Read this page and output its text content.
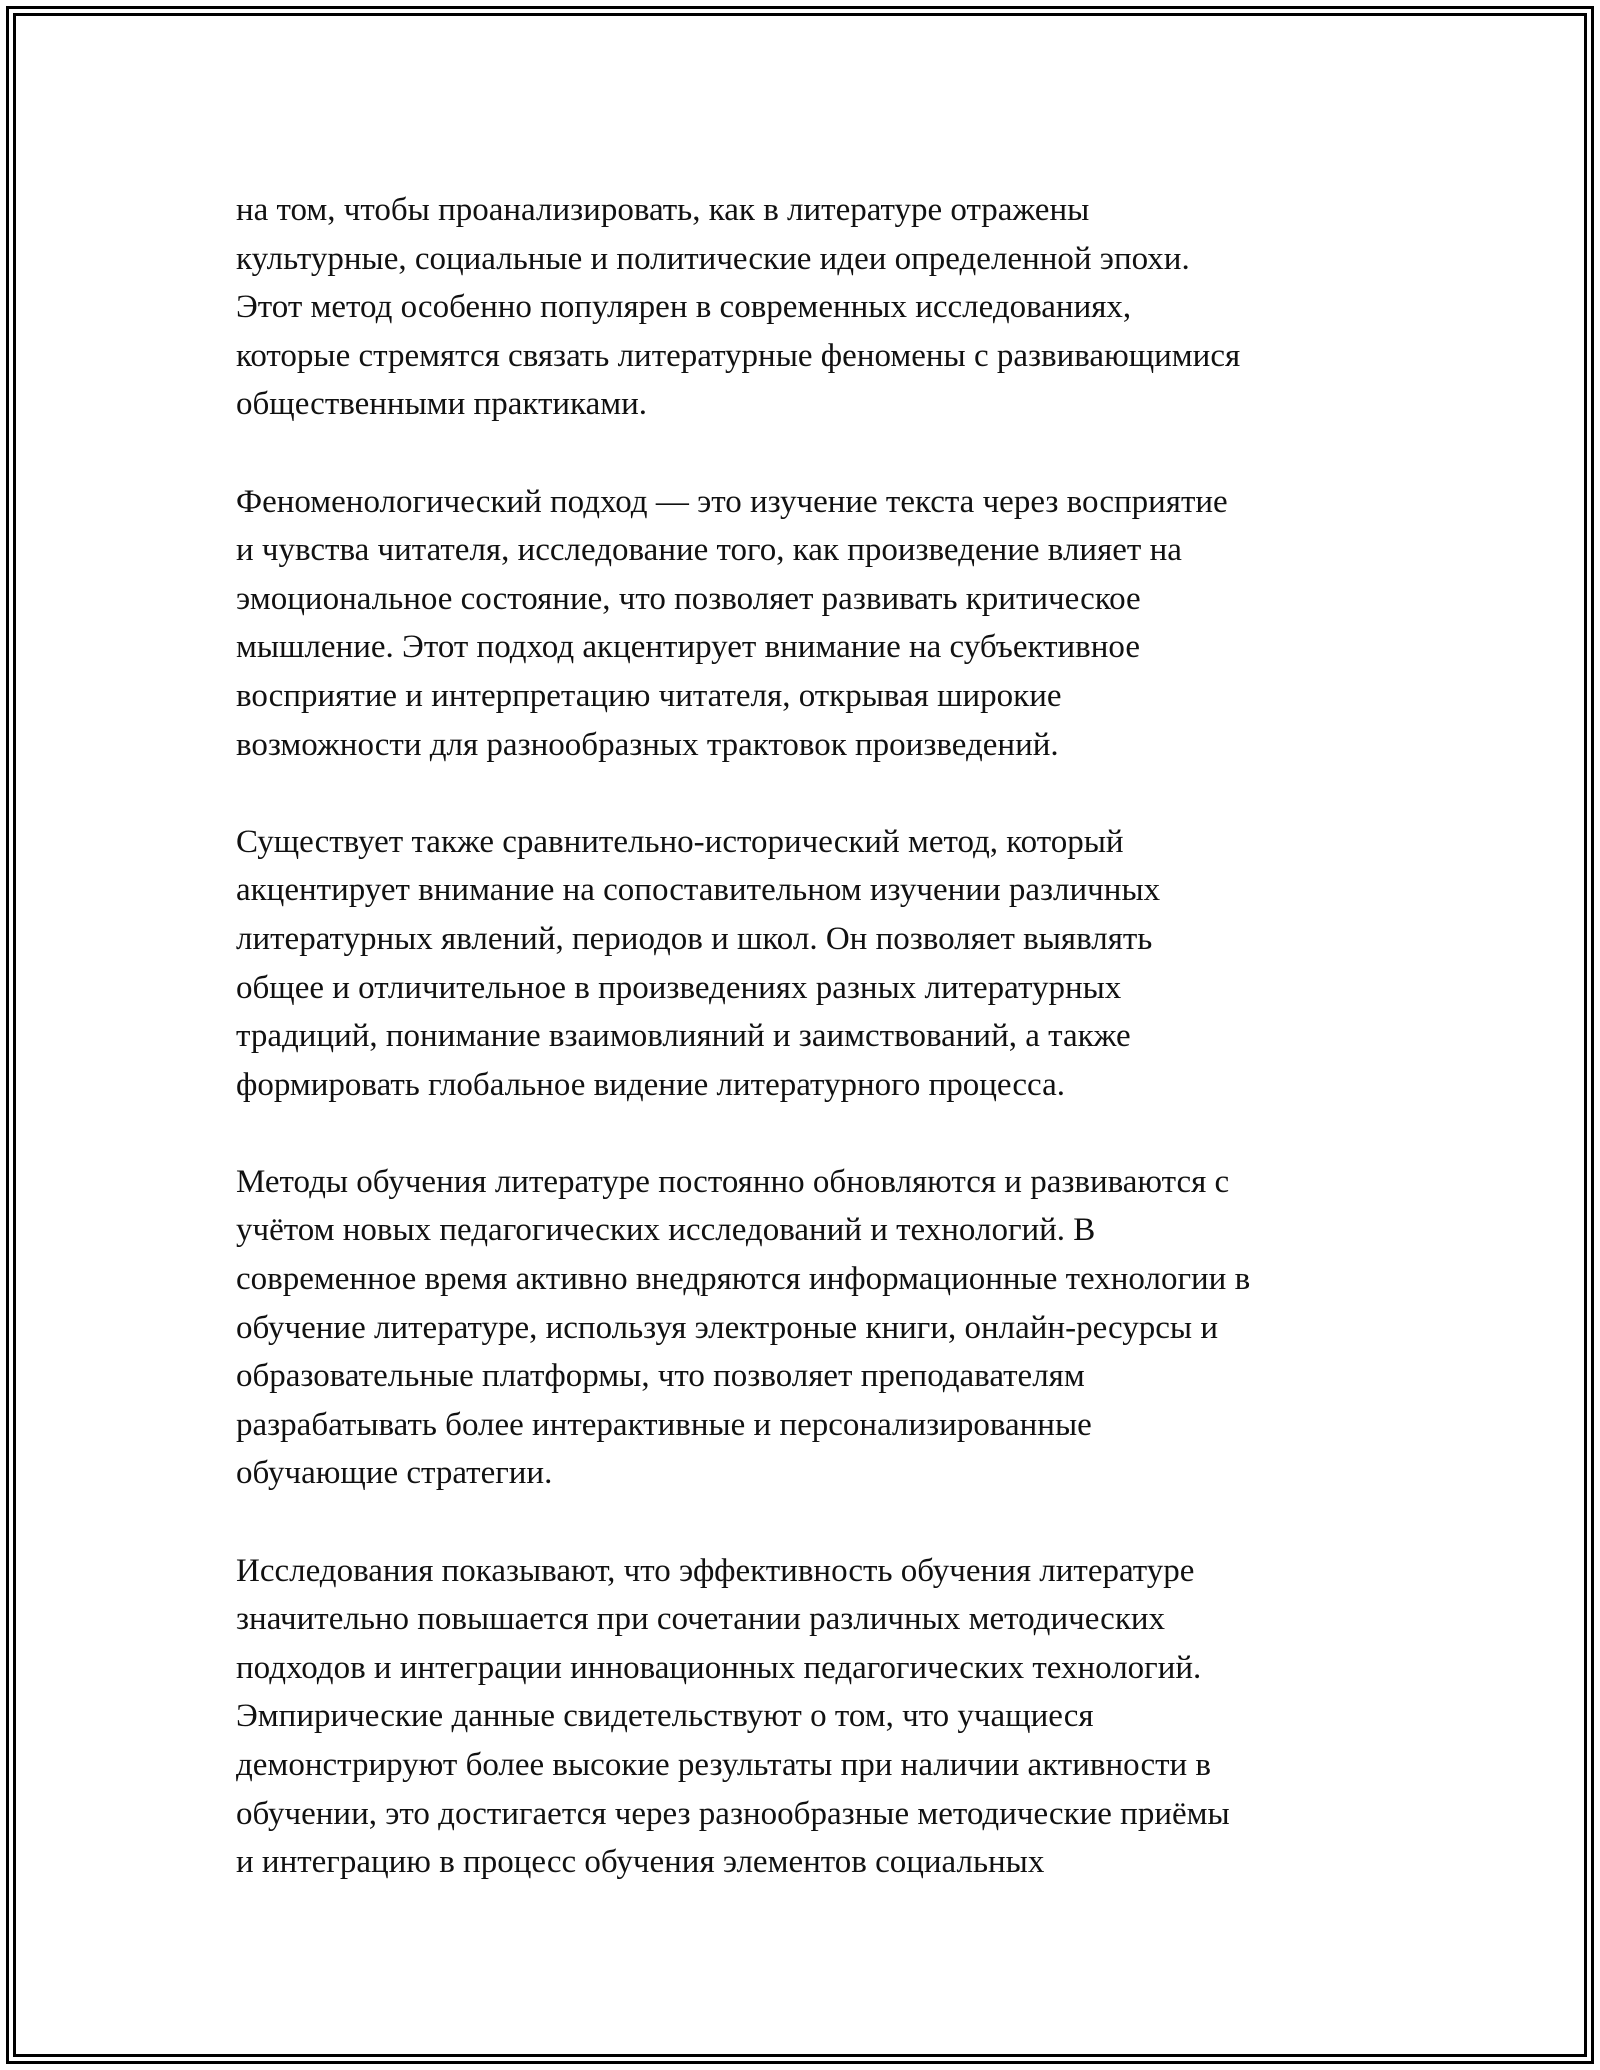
на том, чтобы проанализировать, как в литературе отражены
культурные, социальные и политические идеи определенной эпохи.
Этот метод особенно популярен в современных исследованиях,
которые стремятся связать литературные феномены с развивающимися
общественными практиками.

Феноменологический подход — это изучение текста через восприятие
и чувства читателя, исследование того, как произведение влияет на
эмоциональное состояние, что позволяет развивать критическое
мышление. Этот подход акцентирует внимание на субъективное
восприятие и интерпретацию читателя, открывая широкие
возможности для разнообразных трактовок произведений.

Существует также сравнительно-исторический метод, который
акцентирует внимание на сопоставительном изучении различных
литературных явлений, периодов и школ. Он позволяет выявлять
общее и отличительное в произведениях разных литературных
традиций, понимание взаимовлияний и заимствований, а также
формировать глобальное видение литературного процесса.

Методы обучения литературе постоянно обновляются и развиваются с
учётом новых педагогических исследований и технологий. В
современное время активно внедряются информационные технологии в
обучение литературе, используя электроные книги, онлайн-ресурсы и
образовательные платформы, что позволяет преподавателям
разрабатывать более интерактивные и персонализированные
обучающие стратегии.

Исследования показывают, что эффективность обучения литературе
значительно повышается при сочетании различных методических
подходов и интеграции инновационных педагогических технологий.
Эмпирические данные свидетельствуют о том, что учащиеся
демонстрируют более высокие результаты при наличии активности в
обучении, это достигается через разнообразные методические приёмы
и интеграцию в процесс обучения элементов социальных
